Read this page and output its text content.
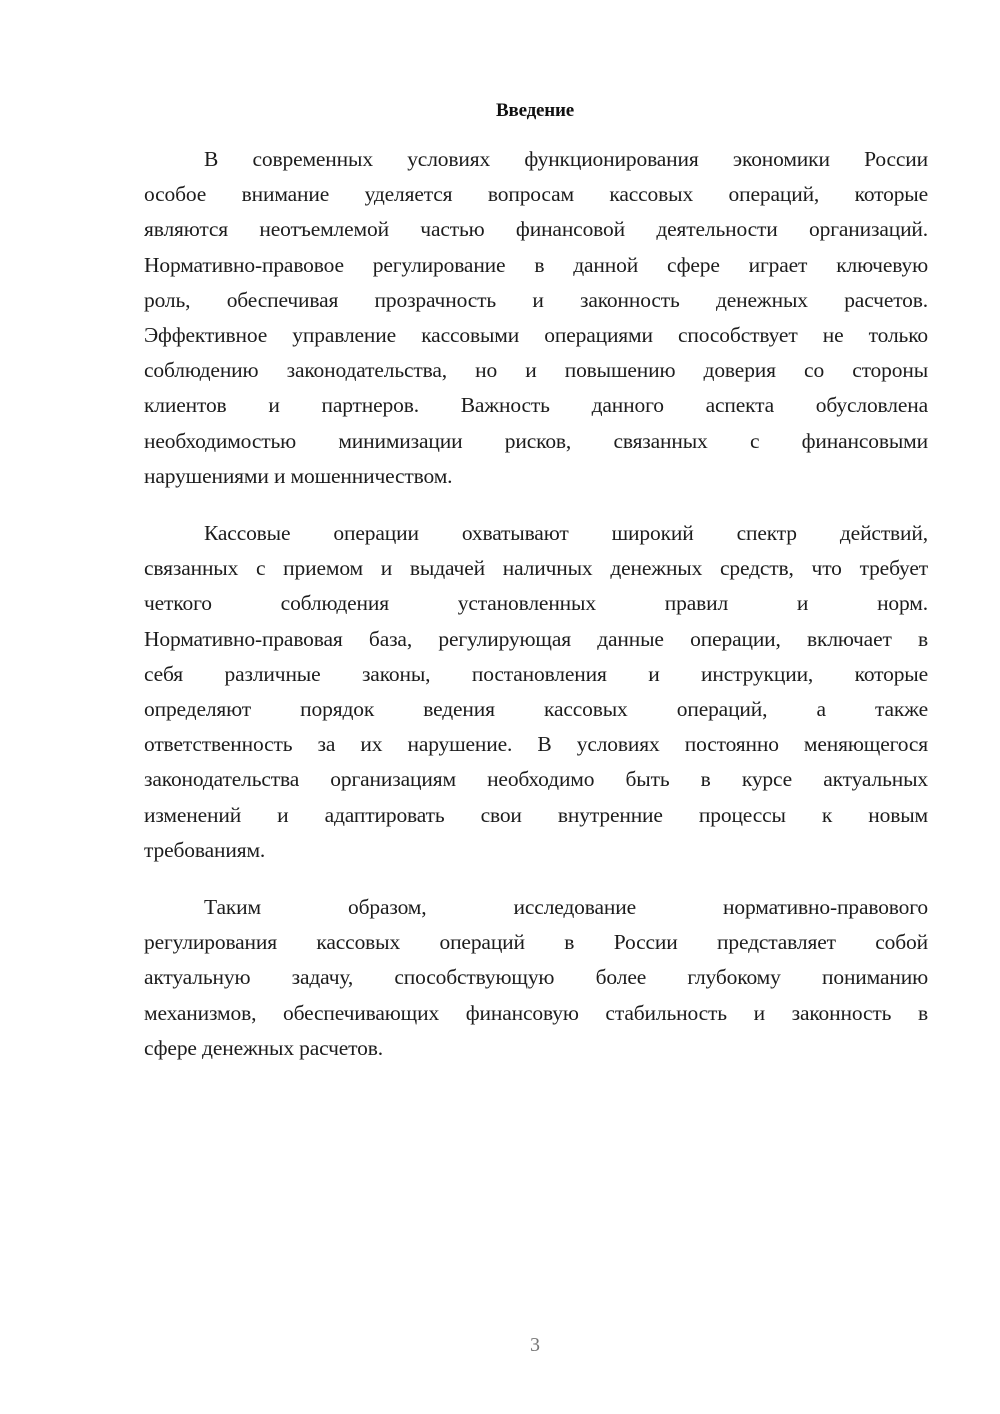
Введение
В современных условиях функционирования экономики России
особое внимание уделяется вопросам кассовых операций, которые
являются неотъемлемой частью финансовой деятельности организаций.
Нормативно-правовое регулирование в данной сфере играет ключевую
роль, обеспечивая прозрачность и законность денежных расчетов.
Эффективное управление кассовыми операциями способствует не только
соблюдению законодательства, но и повышению доверия со стороны
клиентов и партнеров. Важность данного аспекта обусловлена
необходимостью минимизации рисков, связанных с финансовыми
нарушениями и мошенничеством.
Кассовые операции охватывают широкий спектр действий,
связанных с приемом и выдачей наличных денежных средств, что требует
четкого соблюдения установленных правил и норм.
Нормативно-правовая база, регулирующая данные операции, включает в
себя различные законы, постановления и инструкции, которые
определяют порядок ведения кассовых операций, а также
ответственность за их нарушение. В условиях постоянно меняющегося
законодательства организациям необходимо быть в курсе актуальных
изменений и адаптировать свои внутренние процессы к новым
требованиям.
Таким образом, исследование нормативно-правового
регулирования кассовых операций в России представляет собой
актуальную задачу, способствующую более глубокому пониманию
механизмов, обеспечивающих финансовую стабильность и законность в
сфере денежных расчетов.
3
